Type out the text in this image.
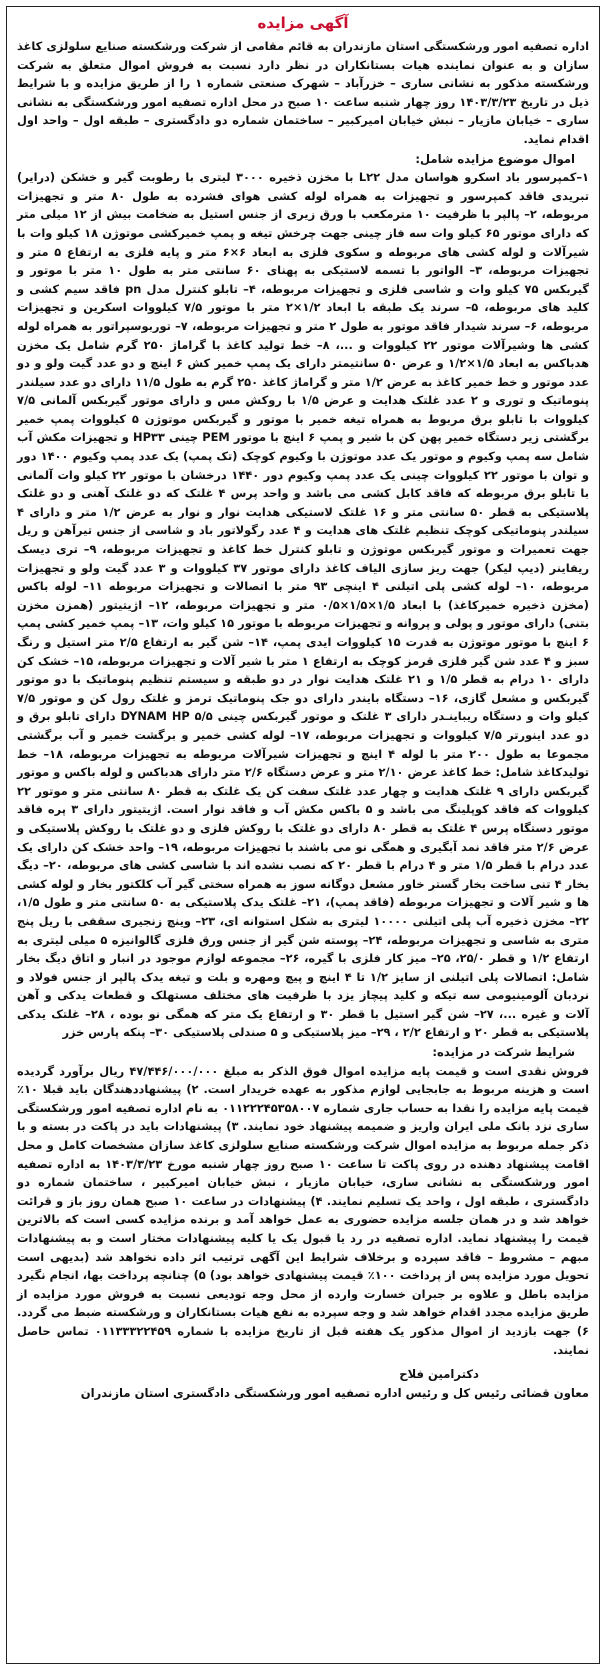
آگهی مزایده

اداره تصفیه امور ورشکستگی استان مازندران به قائم مقامی از شرکت ورشکسته صنایع سلولزی کاغذ سازان و به عنوان نماینده هیات بستانکاران در نظر دارد نسبت به فروش اموال متعلق به شرکت ورشکسته مذکور به نشانی ساری – خزرآباد – شهرک صنعتی شماره ۱ را از طریق مزایده و با شرایط ذیل در تاریخ ۱۴۰۳/۳/۲۳ روز چهار شنبه ساعت ۱۰ صبح در محل اداره تصفیه امور ورشکستگی به نشانی ساری – خیابان مازیار – نبش خیابان امیرکبیر – ساختمان شماره دو دادگستری – طبقه اول – واحد اول اقدام نماید.

اموال موضوع مزایده شامل:

۱–کمپرسور باد اسکرو هواسان مدل L۲۲ با مخزن ذخیره ۳۰۰۰ لیتری با رطوبت گیر و خشکن (درایر) تبریدی فاقد کمپرسور و تجهیزات به همراه لوله کشی هوای فشرده به طول ۸۰ متر و تجهیزات مربوطه، ۲– پالپر با ظرفیت ۱۰ مترمکعب با ورق زیری از جنس استیل به ضخامت بیش از ۱۲ میلی متر که دارای موتور ۶۵ کیلو وات سه فاز چینی جهت چرخش تیغه و پمپ خمیرکشی موتوژن ۱۸ کیلو وات با شیرآلات و لوله کشی های مربوطه و سکوی فلزی به ابعاد ۶×۶ متر و پایه فلزی به ارتفاع ۵ متر و تجهیزات مربوطه، ۳– الواتور با تسمه لاستیکی به پهنای ۶۰ سانتی متر به طول ۱۰ متر با موتور و گیربکس ۷۵ کیلو وات و شاسی فلزی و تجهیزات مربوطه، ۴– تابلو کنترل مدل pn فاقد سیم کشی و کلید های مربوطه، ۵– سرند یک طبقه با ابعاد ۱/۲×۲ متر با موتور ۷/۵ کیلووات اسکرین و تجهیزات مربوطه، ۶– سرند شیدار فاقد موتور به طول ۲ متر و تجهیزات مربوطه، ۷– توربوسپراتور به همراه لوله کشی ها وشیرآلات موتور ۲۲ کیلووات و ...، ۸– خط تولید کاغذ با گراماژ ۲۵۰ گرم شامل یک مخزن هدباکس به ابعاد ۱/۵×۱/۲ و عرض ۵۰ سانتیمتر دارای یک پمپ خمیر کش ۶ اینچ و دو عدد گیت ولو و دو عدد موتور و خط خمیر کاغذ به عرض ۱/۲ متر و گراماژ کاغذ ۲۵۰ گرم به طول ۱۱/۵ دارای دو عدد سیلندر پنوماتیک و توری و ۲ عدد غلتک هدایت و عرض ۱/۵ با روکش مس و دارای موتور گیربکس آلمانی ۷/۵ کیلووات با تابلو برق مربوط به همراه تیغه خمیر با موتور و گیربکس موتوژن ۵ کیلووات پمپ خمیر برگشتی زیر دستگاه خمیر پهن کن با شیر و پمپ ۶ اینچ با موتور PEM چینی HP۳۳ و تجهیزات مکش آب شامل سه پمپ وکیوم و موتور یک عدد موتوژن با وکیوم کوچک (تک پمپ) یک عدد پمپ وکیوم ۱۴۰۰ دور و توان با موتور ۲۲ کیلووات چینی یک عدد پمپ وکیوم دور ۱۴۴۰ درخشان با موتور ۲۲ کیلو وات آلمانی با تابلو برق مربوطه که فاقد کابل کشی می باشد و واحد پرس ۴ غلتک که دو غلتک آهنی و دو غلتک پلاستیکی به قطر ۵۰ سانتی متر و ۱۶ غلتک لاستیکی هدایت نوار و نوار به عرض ۱/۲ متر و دارای ۴ سیلندر پنوماتیکی کوچک تنظیم غلتک های هدایت و ۴ عدد رگولاتور باد و شاسی از جنس تیرآهن و ریل جهت تعمیرات و موتور گیربکس موتوژن و تابلو کنترل خط کاغذ و تجهیزات مربوطه، ۹– تری دیسک ریفاینر (دیپ لیکر) جهت ریز سازی الیاف کاغذ دارای موتور ۳۷ کیلووات و ۳ عدد گیت ولو و تجهیزات مربوطه، ۱۰– لوله کشی پلی اتیلنی ۴ اینچی ۹۳ متر با اتصالات و تجهیزات مربوطه ۱۱– لوله باکس (مخزن ذخیره خمیرکاغذ) با ابعاد ۱/۵×۱/۵×۰/۵ متر و تجهیزات مربوطه، ۱۲– اژیتیتور (همزن مخزن بتنی) دارای موتور و پولی و پروانه و تجهیزات مربوطه با موتور ۱۵ کیلو وات، ۱۳– پمپ خمیر کشی پمپ ۶ اینچ با موتور موتوژن به قدرت ۱۵ کیلووات ایدی پمپ، ۱۴– شن گیر به ارتفاع ۲/۵ متر استیل و رنگ سبز و ۴ عدد شن گیر فلزی قرمز کوچک به ارتفاع ۱ متر با شیر آلات و تجهیزات مربوطه، ۱۵– خشک کن دارای ۱۰ درام به قطر ۱/۵ و ۲۱ غلتک هدایت نوار در دو طبقه و سیستم تنظیم پنوماتیک با دو موتور گیربکس و مشعل گازی، ۱۶– دستگاه بایندر دارای دو جک پنوماتیک ترمز و غلتک رول کن و موتور ۷/۵ کیلو وات و دستگاه ریباینـدر دارای ۳ غلتک و موتور گیربکس چینی ۵/۵ DYNAM HP دارای تابلو برق و دو عدد اینورتر ۷/۵ کیلووات و تجهیزات مربوطه، ۱۷– لوله کشی خمیر و برگشت خمیر و آب برگشتی مجموعا به طول ۲۰۰ متر با لوله ۴ اینچ و تجهیزات شیرآلات مربوطه به تجهیزات مربوطه، ۱۸– خط تولیدکاغذ شامل: خط کاغذ عرض ۲/۱۰ متر و عرض دستگاه ۲/۶ متر دارای هدباکس و لوله باکس و موتور گیربکس دارای ۹ غلتک هدایت و چهار عدد غلتک سفت کن یک غلتک به قطر ۸۰ سانتی متر و موتور ۲۲ کیلووات که فاقد کوپلینگ می باشد و ۵ باکس مکش آب و فاقد نوار است. اژیتیتور دارای ۳ پره فاقد موتور دستگاه پرس ۴ غلتک به قطر ۸۰ دارای دو غلتک با روکش فلزی و دو غلتک با روکش پلاستیکی و عرض ۲/۶ متر فاقد نمد آبگیری و همگی نو می باشند با تجهیزات مربوطه، ۱۹– واحد خشک کن دارای یک عدد درام با قطر ۱/۵ متر و ۴ درام با قطر ۲۰ که نصب نشده اند با شاسی کشی های مربوطه، ۲۰– دیگ بخار ۴ تنی ساخت بخار گستر خاور مشعل دوگانه سوز به همراه سختی گیر آب کلکتور بخار و لوله کشی ها و شیر آلات و تجهیزات مربوطه (فاقد پمپ)، ۲۱– غلتک یدک پلاستیکی به ۵۰ سانتی متر و طول ۱/۵، ۲۲– مخزن ذخیره آب پلی اتیلنی ۱۰۰۰۰ لیتری به شکل استوانه ای، ۲۳– وینچ زنجیری سقفی با ریل پنج متری به شاسی و تجهیزات مربوطه، ۲۴– پوسته شن گیر از جنس ورق فلزی گالوانیزه ۵ میلی لیتری به ارتفاع ۱/۲ و قطر ۲۵/۰، ۲۵– میز کار فلزی با گیره، ۲۶– مجموعه لوازم موجود در انبار و اتاق دیگ بخار شامل: اتصالات پلی اتیلنی از سایز ۱/۲ تا ۴ اینچ و پیچ ومهره و بلت و تیغه یدک پالپر از جنس فولاد و نردبان آلومینیومی سه تیکه و کلید پیچاز یزد با ظرفیت های مختلف مستهلک و قطعات یدکی و آهن آلات و غیره ...، ۲۷– شن گیر استیل با قطر ۳۰ و ارتفاع یک متر که همگی نو بوده ، ۲۸– غلتک یدکی پلاستیکی به قطر ۲۰ و ارتفاع ۲/۲ ، ۲۹– میز پلاستیکی و ۵ صندلی پلاستیکی ۳۰– پنکه پارس خزر

شرایط شرکت در مزایده:

فروش نقدی است و قیمت پایه مزایده اموال فوق الذکر به مبلغ ۴۷/۴۴۶/۰۰۰/۰۰۰ ریال برآورد گردیده است و هزینه مربوط به جابجایی لوازم مذکور به عهده خریدار است. ۲) پیشنهاددهندگان باید قبلا ۱۰٪ قیمت پایه مزایده را نقدا به حساب جاری شماره ۰۱۱۲۲۲۴۵۳۵۸۰۰۷ به نام اداره تصفیه امور ورشکستگی ساری نزد بانک ملی ایران واریز و ضمیمه پیشنهاد خود نمایند. ۳) پیشنهادات باید در پاکت در بسته و با ذکر جمله مربوط به مزایده اموال شرکت ورشکسته صنایع سلولزی کاغذ سازان مشخصات کامل و محل اقامت پیشنهاد دهنده در روی پاکت تا ساعت ۱۰ صبح روز چهار شنبه مورخ ۱۴۰۳/۳/۲۳ به اداره تصفیه امور ورشکستگی به نشانی ساری، خیابان مازیار ، نبش خیابان امیرکبیر ، ساختمان شماره دو دادگستری ، طبقه اول ، واحد یک تسلیم نمایند. ۴) پیشنهادات در ساعت ۱۰ صبح همان روز باز و قرائت خواهد شد و در همان جلسه مزایده حضوری به عمل خواهد آمد و برنده مزایده کسی است که بالاترین قیمت را پیشنهاد نماید. اداره تصفیه در رد یا قبول یک یا کلیه پیشنهادات مختار است و به پیشنهادات مبهم – مشروط – فاقد سپرده و برخلاف شرایط این آگهی ترتیب اثر داده نخواهد شد (بدیهی است تحویل مورد مزایده پس از پرداخت ۱۰۰٪ قیمت پیشنهادی خواهد بود) ۵) چنانچه پرداخت بها، انجام نگیرد مزایده باطل و علاوه بر جبران خسارت وارده از محل وجه تودیعی نسبت به فروش مورد مزایده از طریق مزایده مجدد اقدام خواهد شد و وجه سپرده به نفع هیات بستانکاران و ورشکسته ضبط می گردد. ۶) جهت بازدید از اموال مذکور یک هفته قبل از تاریخ مزایده با شماره ۰۱۱۳۳۳۲۲۴۵۹ تماس حاصل نمایند.

دکترامین فلاح
معاون قضائی رئیس کل و رئیس اداره تصفیه امور ورشکستگی دادگستری استان مازندران
